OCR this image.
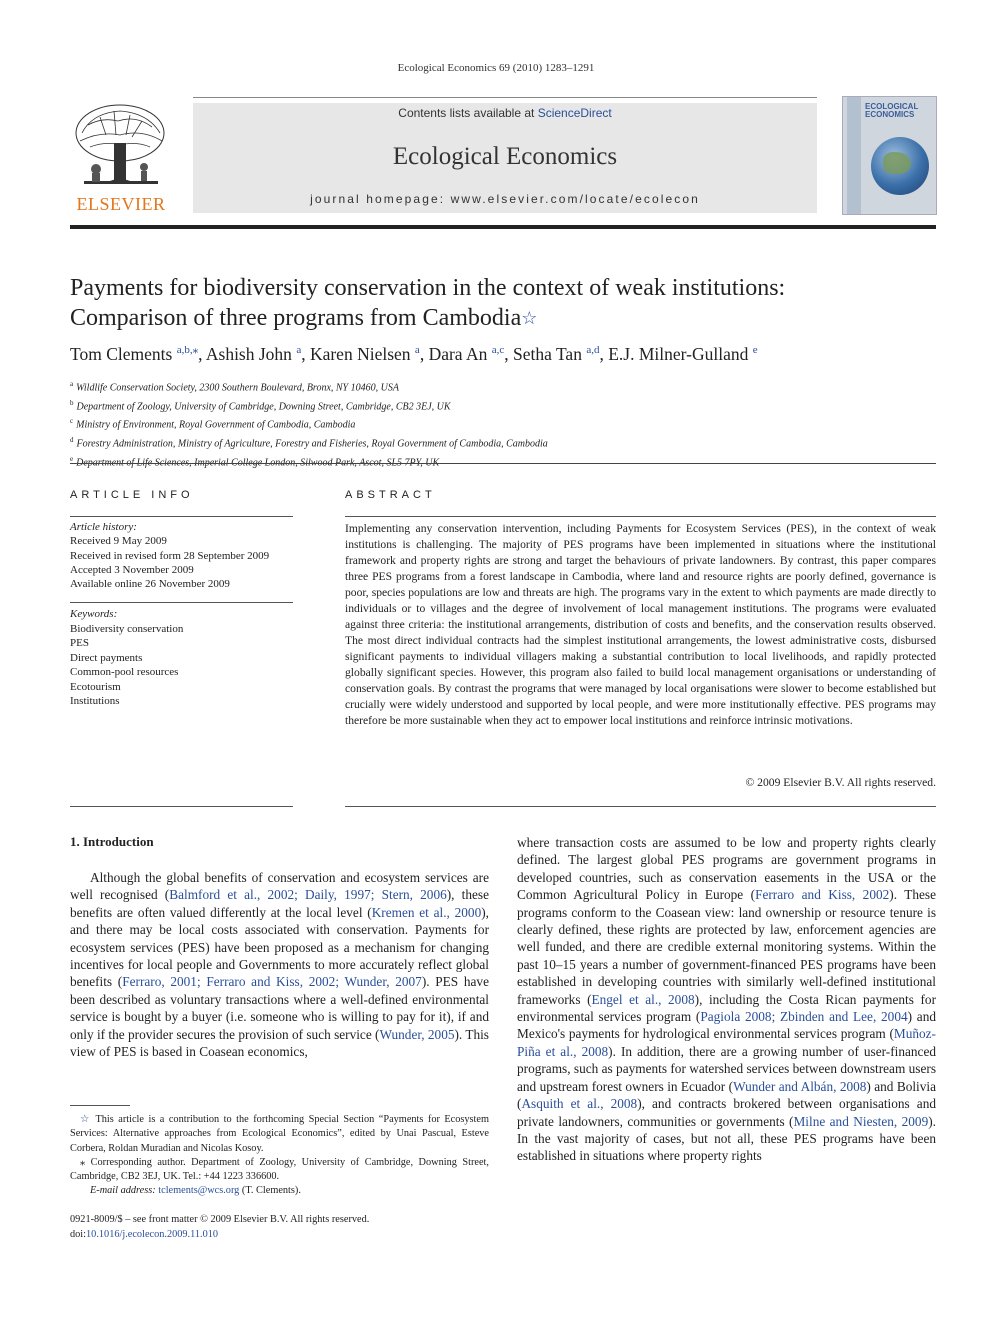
Ecological Economics 69 (2010) 1283–1291
ELSEVIER
Contents lists available at ScienceDirect
Ecological Economics
journal homepage: www.elsevier.com/locate/ecolecon
ECOLOGICAL ECONOMICS
Payments for biodiversity conservation in the context of weak institutions:
Comparison of three programs from Cambodia☆
Tom Clements $^{a,b,⁎}$, Ashish John $^a$, Karen Nielsen $^a$, Dara An $^{a,c}$, Setha Tan $^{a,d}$, E.J. Milner-Gulland $^e$
$^a$ Wildlife Conservation Society, 2300 Southern Boulevard, Bronx, NY 10460, USA
$^b$ Department of Zoology, University of Cambridge, Downing Street, Cambridge, CB2 3EJ, UK
$^c$ Ministry of Environment, Royal Government of Cambodia, Cambodia
$^d$ Forestry Administration, Ministry of Agriculture, Forestry and Fisheries, Royal Government of Cambodia, Cambodia
$^e$
ARTICLE INFO	ABSTRACT
Article history:
Received 9 May 2009
Received in revised form 28 September 2009
Accepted 3 November 2009
Available online 26 November 2009
Keywords:
Biodiversity conservation
PES
Direct payments
Common-pool resources
Ecotourism
Institutions
Implementing any conservation intervention, including Payments for Ecosystem Services (PES), in the context of weak institutions is challenging. The majority of PES programs have been implemented in situations where the institutional framework and property rights are strong and target the behaviours of private landowners. By contrast, this paper compares three PES programs from a forest landscape in Cambodia, where land and resource rights are poorly defined, governance is poor, species populations are low and threats are high. The programs vary in the extent to which payments are made directly to individuals or to villages and the degree of involvement of local management institutions. The programs were evaluated against three criteria: the institutional arrangements, distribution of costs and benefits, and the conservation results observed. The most direct individual contracts had the simplest institutional arrangements, the lowest administrative costs, disbursed significant payments to individual villagers making a substantial contribution to local livelihoods, and rapidly protected globally significant species. However, this program also failed to build local management organisations or understanding of conservation goals. By contrast the programs that were managed by local organisations were slower to become established but crucially were widely understood and supported by local people, and were more institutionally effective. PES programs may therefore be more sustainable when they act to empower local institutions and reinforce intrinsic motivations.
© 2009 Elsevier B.V. All rights reserved.
1. Introduction
Although the global benefits of conservation and ecosystem services are well recognised (Balmford et al., 2002; Daily, 1997; Stern, 2006), these benefits are often valued differently at the local level (Kremen et al., 2000), and there may be local costs associated with conservation. Payments for ecosystem services (PES) have been proposed as a mechanism for changing incentives for local people and Governments to more accurately reflect global benefits (Ferraro, 2001; Ferraro and Kiss, 2002; Wunder, 2007). PES have been described as voluntary transactions where a well-defined environmental service is bought by a buyer (i.e. someone who is willing to pay for it), if and only if the provider secures the provision of such service (Wunder, 2005). This view of PES is based in Coasean economics,
where transaction costs are assumed to be low and property rights clearly defined. The largest global PES programs are government programs in developed countries, such as conservation easements in the USA or the Common Agricultural Policy in Europe (Ferraro and Kiss, 2002). These programs conform to the Coasean view: land ownership or resource tenure is clearly defined, these rights are protected by law, enforcement agencies are well funded, and there are credible external monitoring systems. Within the past 10–15 years a number of government-financed PES programs have been established in developing countries with similarly well-defined institutional frameworks (Engel et al., 2008), including the Costa Rican payments for environmental services program (Pagiola 2008; Zbinden and Lee, 2004) and Mexico's payments for hydrological environmental services program (Muñoz-Piña et al., 2008). In addition, there are a growing number of user-financed programs, such as payments for watershed services between downstream users and upstream forest owners in Ecuador (Wunder and Albán, 2008) and Bolivia (Asquith et al., 2008), and contracts brokered between organisations and private landowners, communities or governments (Milne and Niesten, 2009). In the vast majority of cases, but not all, these PES programs have been established in situations where property rights

☆ This article is a contribution to the forthcoming Special Section “Payments for Ecosystem Services: Alternative approaches from Ecological Economics”, edited by Unai Pascual, Esteve Corbera, Roldan Muradian and Nicolas Kosoy.

⁎ Corresponding author. Department of Zoology, University of Cambridge, Downing Street, Cambridge, CB2 3EJ, UK. Tel.: +44 1223 336600.

E-mail address: tclements@wcs.org (T. Clements).

0921-8009/$ – see front matter © 2009 Elsevier B.V. All rights reserved.
doi:10.1016/j.ecolecon.2009.11.010
